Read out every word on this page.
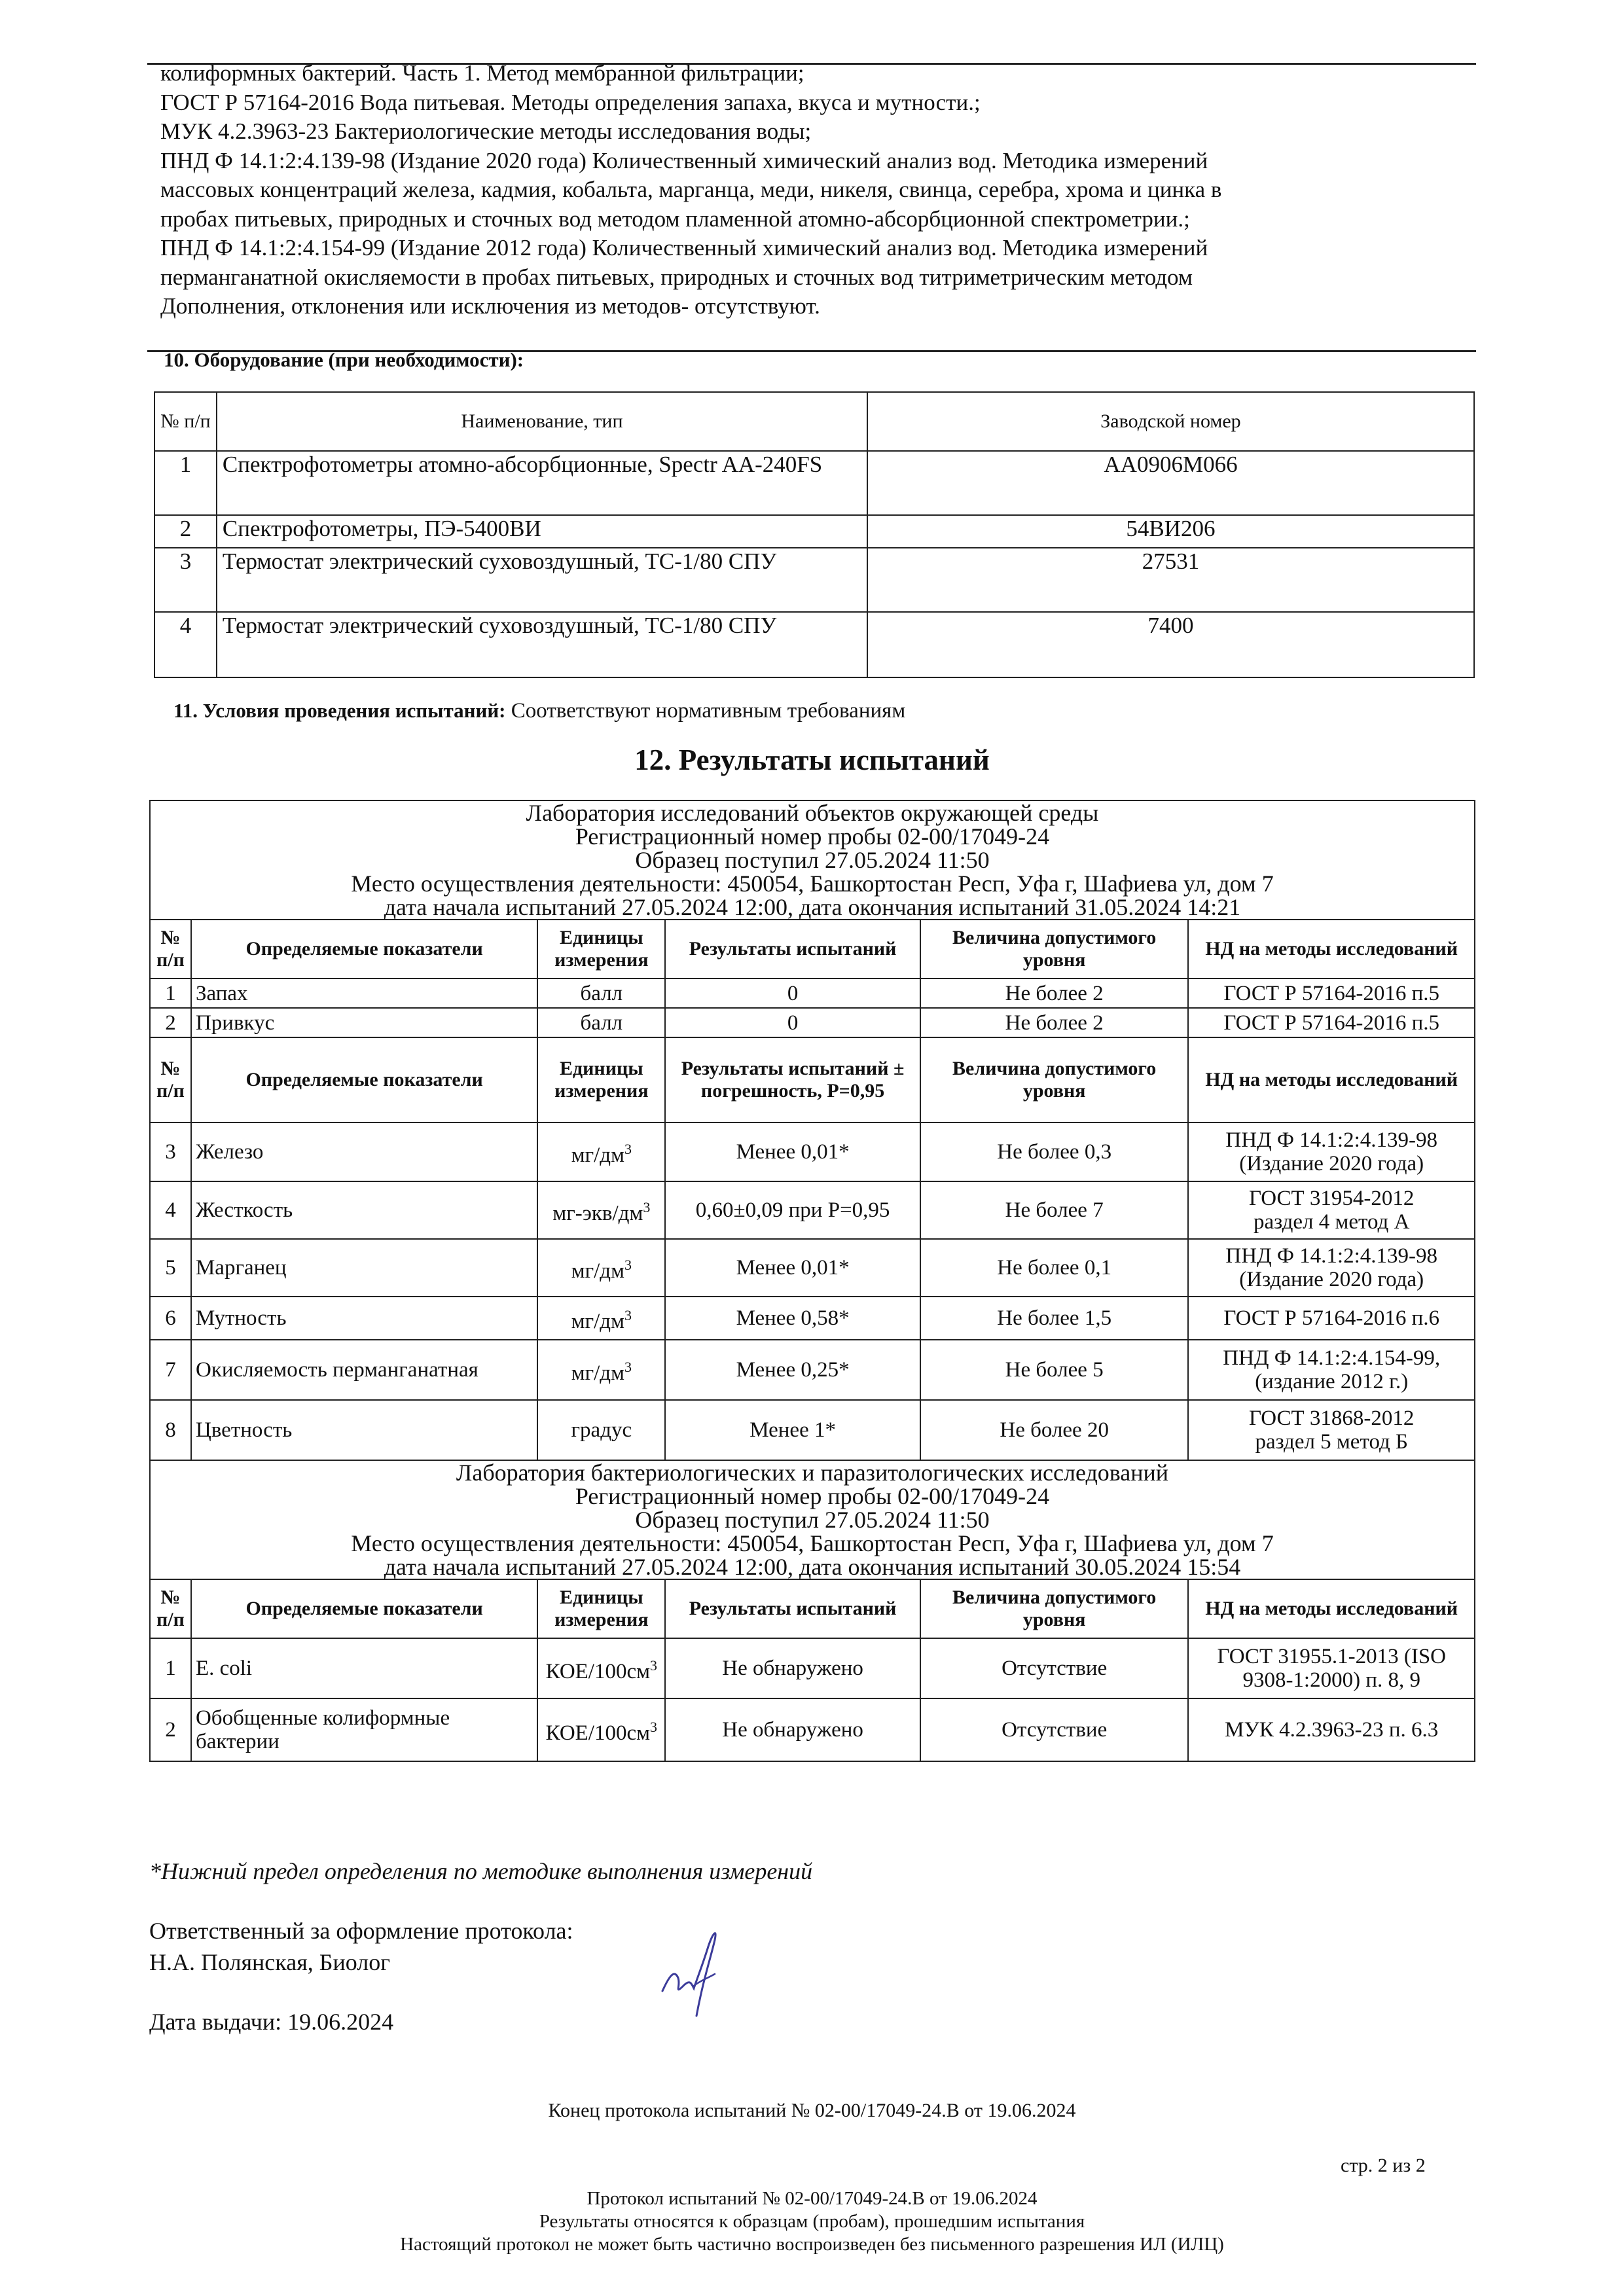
колиформных бактерий. Часть 1. Метод мембранной фильтрации;
ГОСТ Р 57164-2016 Вода питьевая. Методы определения запаха, вкуса и мутности.;
МУК 4.2.3963-23 Бактериологические методы исследования воды;
ПНД Ф 14.1:2:4.139-98 (Издание 2020 года) Количественный химический анализ вод. Методика измерений
массовых концентраций железа, кадмия, кобальта, марганца, меди, никеля, свинца, серебра, хрома и цинка в
пробах питьевых, природных и сточных вод методом пламенной атомно-абсорбционной спектрометрии.;
ПНД Ф 14.1:2:4.154-99 (Издание 2012 года) Количественный химический анализ вод. Методика измерений
перманганатной окисляемости в пробах питьевых, природных и сточных вод титриметрическим методом
Дополнения, отклонения или исключения из методов- отсутствуют.
10. Оборудование (при необходимости):
№ п/п	Наименование, тип	Заводской номер
1	Спектрофотометры атомно-абсорбционные, Spectr AA-240FS	AA0906M066
2	Спектрофотометры, ПЭ-5400ВИ	54ВИ206
3	Термостат электрический суховоздушный, ТС-1/80 СПУ	27531
4	Термостат электрический суховоздушный, ТС-1/80 СПУ	7400
11. Условия проведения испытаний: Соответствуют нормативным требованиям
12. Результаты испытаний
Лаборатория исследований объектов окружающей среды
Регистрационный номер пробы 02-00/17049-24
Образец поступил 27.05.2024 11:50
Место осуществления деятельности: 450054, Башкортостан Респ, Уфа г, Шафиева ул, дом 7
дата начала испытаний 27.05.2024 12:00, дата окончания испытаний 31.05.2024 14:21					

№ п/п	Определяемые показатели	Единицы измерения	Результаты испытаний	Величина допустимого уровня	НД на методы исследований
1	Запах	балл	0	Не более 2	ГОСТ Р 57164-2016 п.5
2	Привкус	балл	0	Не более 2	ГОСТ Р 57164-2016 п.5
№ п/п	Определяемые показатели	Единицы измерения	Результаты испытаний ± погрешность, P=0,95	Величина допустимого уровня	НД на методы исследований
3	Железо	$мг/дм^3$	Менее 0,01*	Не более 0,3	ПНД Ф 14.1:2:4.139-98
(Издание 2020 года)

4	Жесткость	$мг-экв/дм^3$	0,60±0,09 при P=0,95	Не более 7	ГОСТ 31954-2012
раздел 4 метод А

5	Марганец	$мг/дм^3$	Менее 0,01*	Не более 0,1	ПНД Ф 14.1:2:4.139-98
(Издание 2020 года)

6	Мутность	$мг/дм^3$	Менее 0,58*	Не более 1,5	ГОСТ Р 57164-2016 п.6

7	Окисляемость перманганатная	$мг/дм^3$	Менее 0,25*	Не более 5	ПНД Ф 14.1:2:4.154-99,
(издание 2012 г.)

8	Цветность	градус	Менее 1*	Не более 20	ГОСТ 31868-2012
раздел 5 метод Б

Лаборатория бактериологических и паразитологических исследований
Регистрационный номер пробы 02-00/17049-24
Образец поступил 27.05.2024 11:50
Место осуществления деятельности: 450054, Башкортостан Респ, Уфа г, Шафиева ул, дом 7
дата начала испытаний 27.05.2024 12:00, дата окончания испытаний 30.05.2024 15:54					

№ п/п	Определяемые показатели	Единицы измерения	Результаты испытаний	Величина допустимого уровня	НД на методы исследований
1	E. coli	КОЕ/$100см^3$	Не обнаружено	Отсутствие	ГОСТ 31955.1-2013 (ISO
9308-1:2000) п. 8, 9

2	Обобщенные колиформные бактерии	КОЕ/$100см^3$	Не обнаружено	Отсутствие	МУК 4.2.3963-23 п. 6.3
*Нижний предел определения по методике выполнения измерений
Ответственный за оформление протокола:
Н.А. Полянская, Биолог
Дата выдачи: 19.06.2024
Конец протокола испытаний № 02-00/17049-24.В от 19.06.2024
стр. 2 из 2
Протокол испытаний № 02-00/17049-24.В от 19.06.2024
Результаты относятся к образцам (пробам), прошедшим испытания
Настоящий протокол не может быть частично воспроизведен без письменного разрешения ИЛ (ИЛЦ)
